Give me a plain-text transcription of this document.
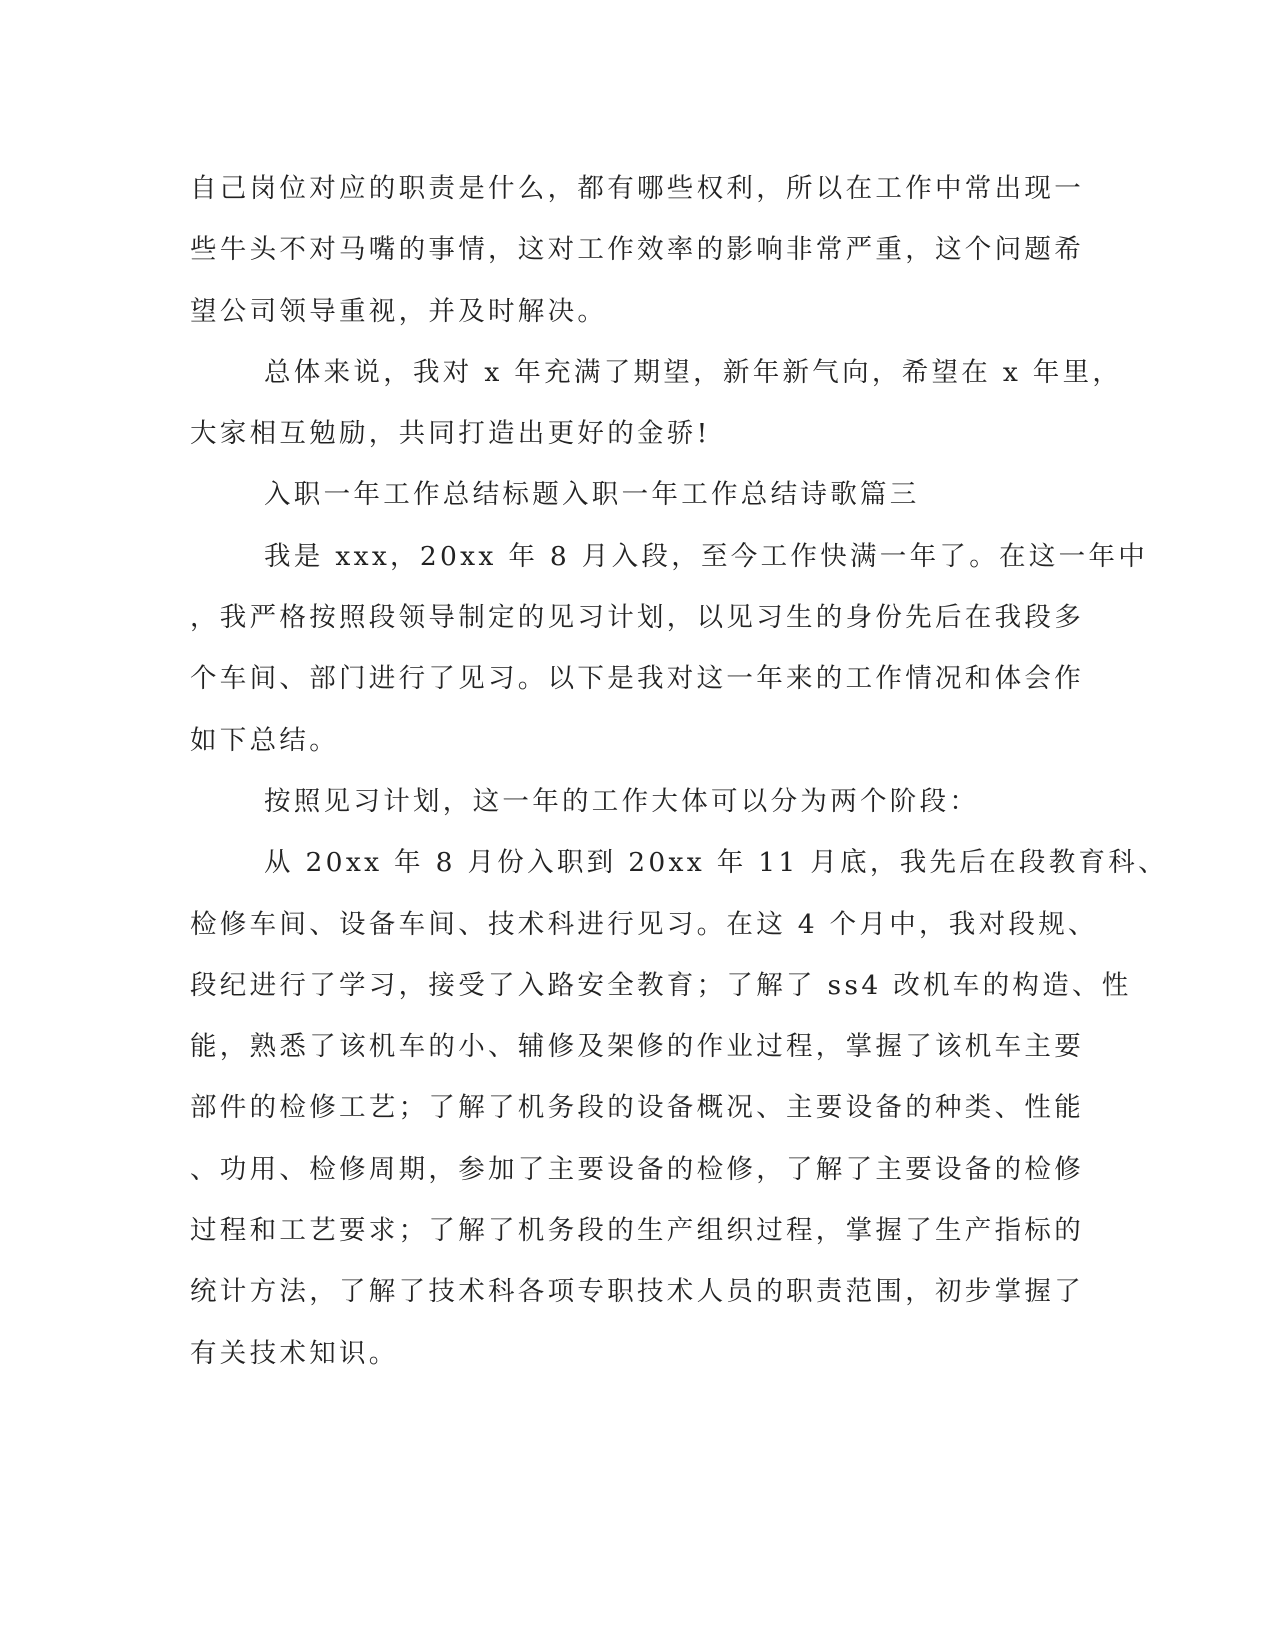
自己岗位对应的职责是什么，都有哪些权利，所以在工作中常出现一
些牛头不对马嘴的事情，这对工作效率的影响非常严重，这个问题希
望公司领导重视，并及时解决。
总体来说，我对 x 年充满了期望，新年新气向，希望在 x 年里，
大家相互勉励，共同打造出更好的金骄!
入职一年工作总结标题入职一年工作总结诗歌篇三
我是 xxx，20xx 年 8 月入段，至今工作快满一年了。在这一年中
，我严格按照段领导制定的见习计划，以见习生的身份先后在我段多
个车间、部门进行了见习。以下是我对这一年来的工作情况和体会作
如下总结。
按照见习计划，这一年的工作大体可以分为两个阶段：
从 20xx 年 8 月份入职到 20xx 年 11 月底，我先后在段教育科、
检修车间、设备车间、技术科进行见习。在这 4 个月中，我对段规、
段纪进行了学习，接受了入路安全教育；了解了 ss4 改机车的构造、性
能，熟悉了该机车的小、辅修及架修的作业过程，掌握了该机车主要
部件的检修工艺；了解了机务段的设备概况、主要设备的种类、性能
、功用、检修周期，参加了主要设备的检修，了解了主要设备的检修
过程和工艺要求；了解了机务段的生产组织过程，掌握了生产指标的
统计方法，了解了技术科各项专职技术人员的职责范围，初步掌握了
有关技术知识。
